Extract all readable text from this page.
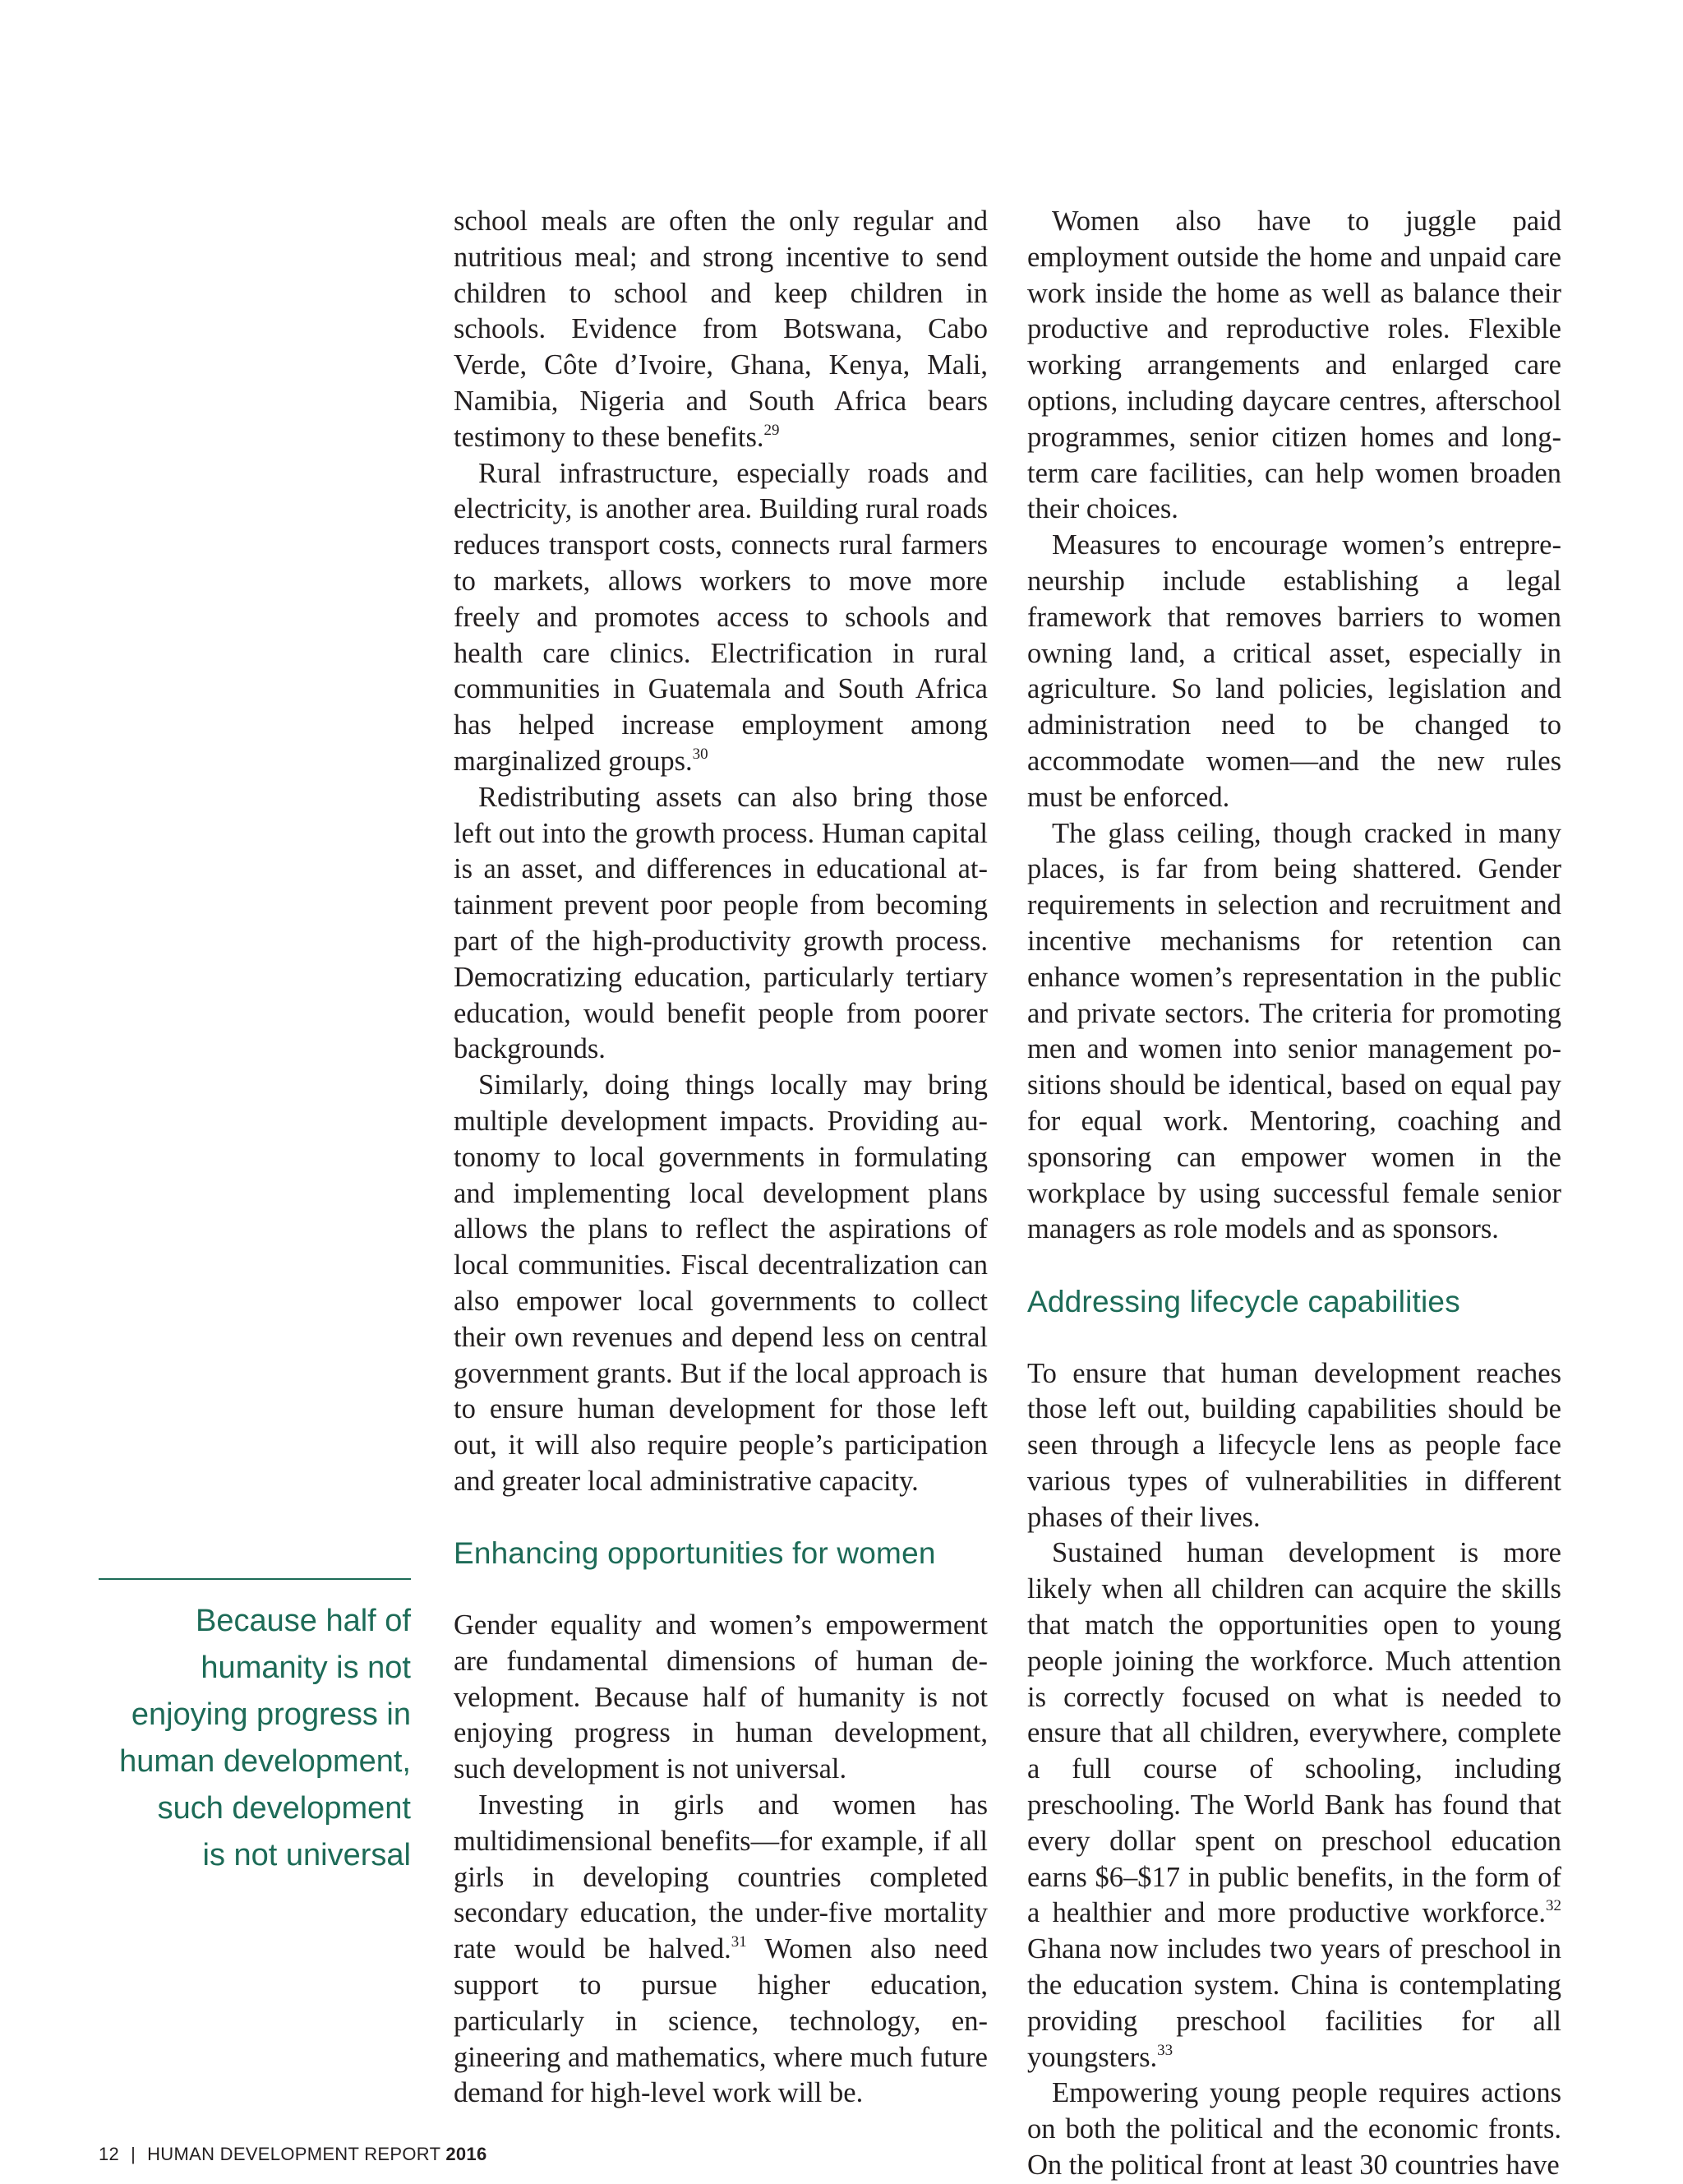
school meals are often the only regular and nutritious meal; and strong incentive to send children to school and keep children in schools. Evidence from Botswana, Cabo Verde, Côte d’Ivoire, Ghana, Kenya, Mali, Namibia, Nigeria and South Africa bears testimony to these benefits.$^{29}$

Rural infrastructure, especially roads and electricity, is another area. Building rural roads reduces transport costs, connects rural farmers to markets, allows workers to move more freely and promotes access to schools and health care clinics. Electrification in rural communities in Guatemala and South Africa has helped increase employment among marginalized groups.$^{30}$

Redistributing assets can also bring those left out into the growth process. Human capital is an asset, and differences in educational attainment prevent poor people from becoming part of the high-productivity growth process. Democratizing education, particularly tertiary education, would benefit people from poorer backgrounds.

Similarly, doing things locally may bring multiple development impacts. Providing autonomy to local governments in formulating and implementing local development plans allows the plans to reflect the aspirations of local communities. Fiscal decentralization can also empower local governments to collect their own revenues and depend less on central government grants. But if the local approach is to ensure human development for those left out, it will also require people’s participation and greater local administrative capacity.

Enhancing opportunities for women

Gender equality and women’s empowerment are fundamental dimensions of human development. Because half of humanity is not enjoying progress in human development, such development is not universal.

Investing in girls and women has multidimensional benefits—for example, if all girls in developing countries completed secondary education, the under-five mortality rate would be halved.$^{31}$ Women also need support to pursue higher education, particularly in science, technology, engineering and mathematics, where much future demand for high-level work will be.

Women also have to juggle paid employment outside the home and unpaid care work inside the home as well as balance their productive and reproductive roles. Flexible working arrangements and enlarged care options, including daycare centres, afterschool programmes, senior citizen homes and long-term care facilities, can help women broaden their choices.

Measures to encourage women’s entrepreneurship include establishing a legal framework that removes barriers to women owning land, a critical asset, especially in agriculture. So land policies, legislation and administration need to be changed to accommodate women—and the new rules must be enforced.

The glass ceiling, though cracked in many places, is far from being shattered. Gender requirements in selection and recruitment and incentive mechanisms for retention can enhance women’s representation in the public and private sectors. The criteria for promoting men and women into senior management positions should be identical, based on equal pay for equal work. Mentoring, coaching and sponsoring can empower women in the workplace by using successful female senior managers as role models and as sponsors.

Addressing lifecycle capabilities

To ensure that human development reaches those left out, building capabilities should be seen through a lifecycle lens as people face various types of vulnerabilities in different phases of their lives.

Sustained human development is more likely when all children can acquire the skills that match the opportunities open to young people joining the workforce. Much attention is correctly focused on what is needed to ensure that all children, everywhere, complete a full course of schooling, including preschooling. The World Bank has found that every dollar spent on preschool education earns $6–$17 in public benefits, in the form of a healthier and more productive workforce.$^{32}$ Ghana now includes two years of preschool in the education system. China is contemplating providing preschool facilities for all youngsters.$^{33}$

Empowering young people requires actions on both the political and the economic fronts. On the political front at least 30 countries have

Because half of
humanity is not
enjoying progress in
human development,
such development
is not universal
12 | HUMAN DEVELOPMENT REPORT 2016
